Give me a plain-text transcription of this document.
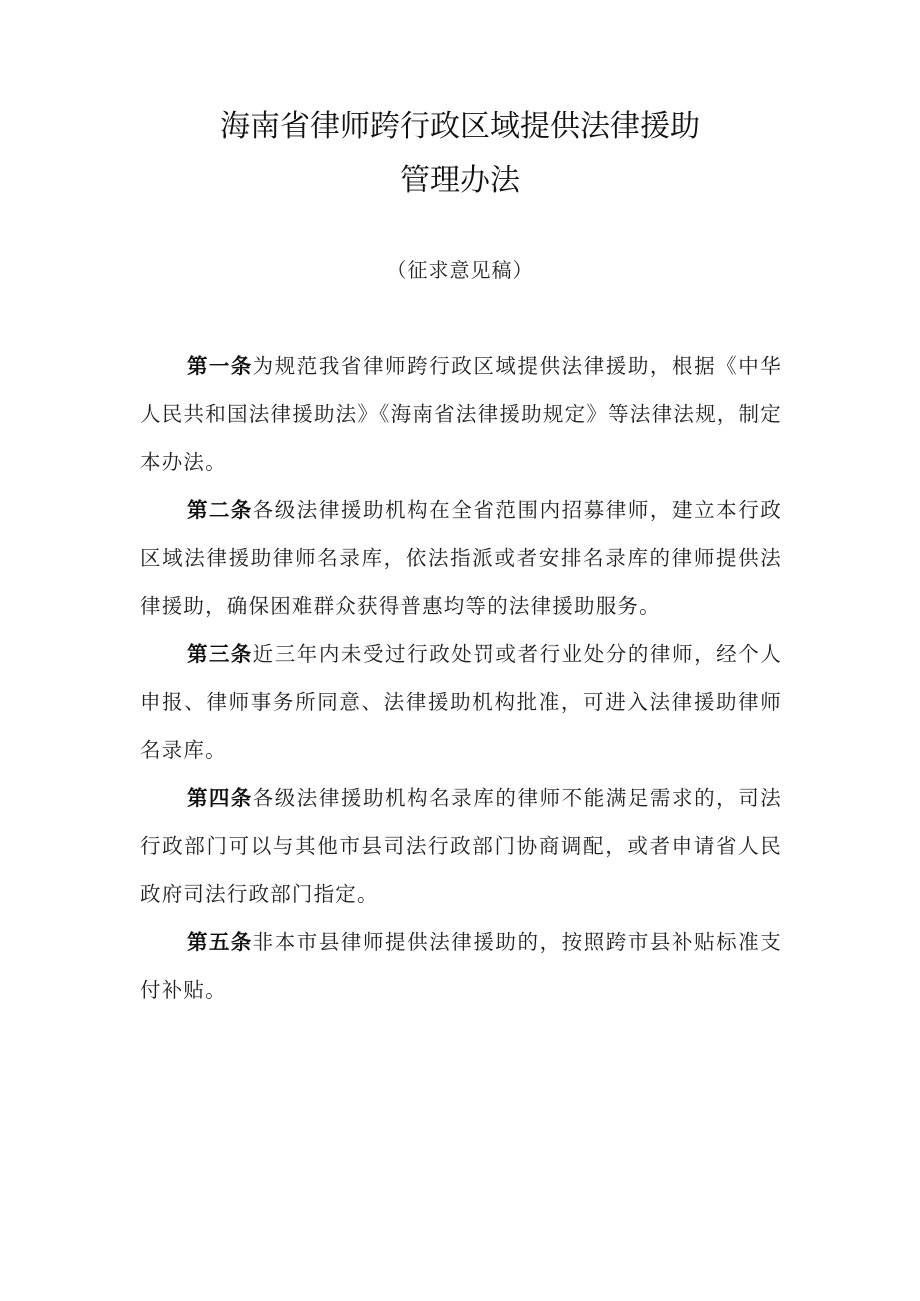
海南省律师跨行政区域提供法律援助
管理办法
（征求意见稿）

第一条为规范我省律师跨行政区域提供法律援助，根据《中华人民共和国法律援助法》《海南省法律援助规定》等法律法规，制定本办法。

第二条各级法律援助机构在全省范围内招募律师，建立本行政区域法律援助律师名录库，依法指派或者安排名录库的律师提供法律援助，确保困难群众获得普惠均等的法律援助服务。

第三条近三年内未受过行政处罚或者行业处分的律师，经个人申报、律师事务所同意、法律援助机构批准，可进入法律援助律师名录库。

第四条各级法律援助机构名录库的律师不能满足需求的，司法行政部门可以与其他市县司法行政部门协商调配，或者申请省人民政府司法行政部门指定。

第五条非本市县律师提供法律援助的，按照跨市县补贴标准支付补贴。
